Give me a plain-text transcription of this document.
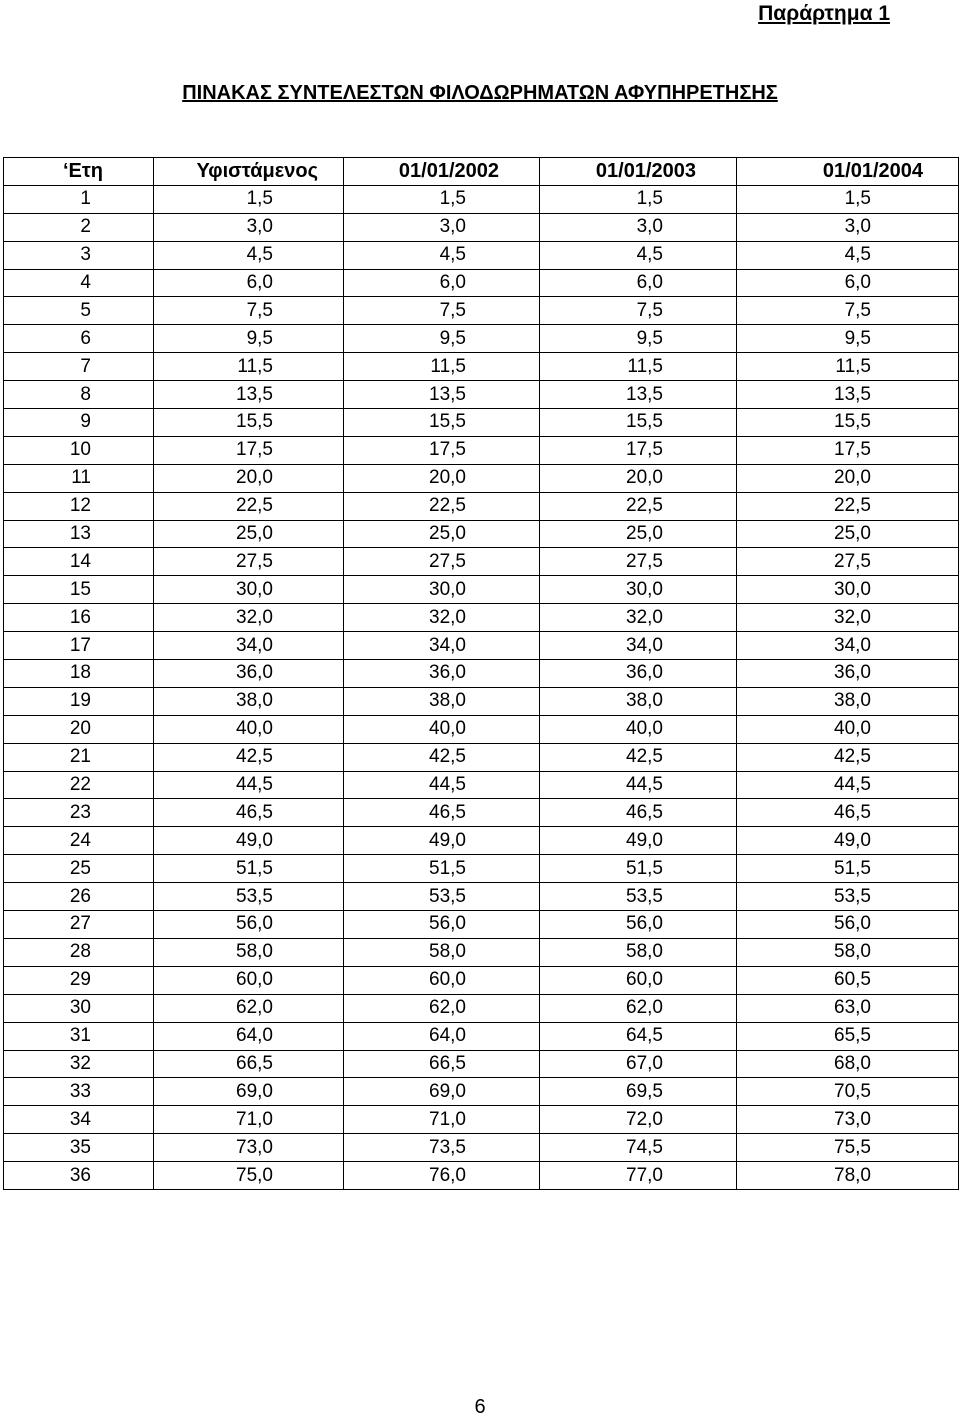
Παράρτημα 1
ΠΙΝΑΚΑΣ ΣΥΝΤΕΛΕΣΤΩΝ ΦΙΛΟΔΩΡΗΜΑΤΩΝ ΑΦΥΠΗΡΕΤΗΣΗΣ
‘Ετη	Υφιστάμενος	01/01/2002	01/01/2003	01/01/2004
1	1,5	1,5	1,5	1,5
2	3,0	3,0	3,0	3,0
3	4,5	4,5	4,5	4,5
4	6,0	6,0	6,0	6,0
5	7,5	7,5	7,5	7,5
6	9,5	9,5	9,5	9,5
7	11,5	11,5	11,5	11,5
8	13,5	13,5	13,5	13,5
9	15,5	15,5	15,5	15,5
10	17,5	17,5	17,5	17,5
11	20,0	20,0	20,0	20,0
12	22,5	22,5	22,5	22,5
13	25,0	25,0	25,0	25,0
14	27,5	27,5	27,5	27,5
15	30,0	30,0	30,0	30,0
16	32,0	32,0	32,0	32,0
17	34,0	34,0	34,0	34,0
18	36,0	36,0	36,0	36,0
19	38,0	38,0	38,0	38,0
20	40,0	40,0	40,0	40,0
21	42,5	42,5	42,5	42,5
22	44,5	44,5	44,5	44,5
23	46,5	46,5	46,5	46,5
24	49,0	49,0	49,0	49,0
25	51,5	51,5	51,5	51,5
26	53,5	53,5	53,5	53,5
27	56,0	56,0	56,0	56,0
28	58,0	58,0	58,0	58,0
29	60,0	60,0	60,0	60,5
30	62,0	62,0	62,0	63,0
31	64,0	64,0	64,5	65,5
32	66,5	66,5	67,0	68,0
33	69,0	69,0	69,5	70,5
34	71,0	71,0	72,0	73,0
35	73,0	73,5	74,5	75,5
36	75,0	76,0	77,0	78,0
6
